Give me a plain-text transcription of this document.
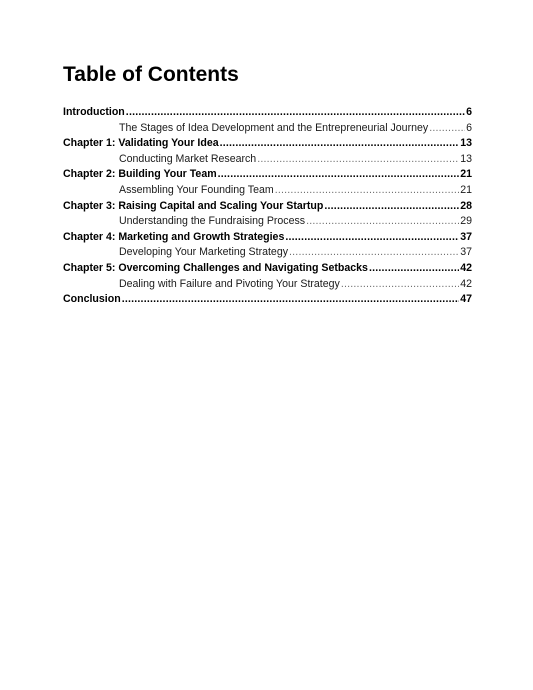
Table of Contents
Introduction .....	6
The Stages of Idea Development and the Entrepreneurial Journey .....	6
Chapter 1: Validating Your Idea .....	13
Conducting Market Research .....	13
Chapter 2: Building Your Team .....	21
Assembling Your Founding Team .....	21
Chapter 3: Raising Capital and Scaling Your Startup .....	28
Understanding the Fundraising Process .....	29
Chapter 4: Marketing and Growth Strategies .....	37
Developing Your Marketing Strategy .....	37
Chapter 5: Overcoming Challenges and Navigating Setbacks .....	42
Dealing with Failure and Pivoting Your Strategy .....	42
Conclusion .....	47
